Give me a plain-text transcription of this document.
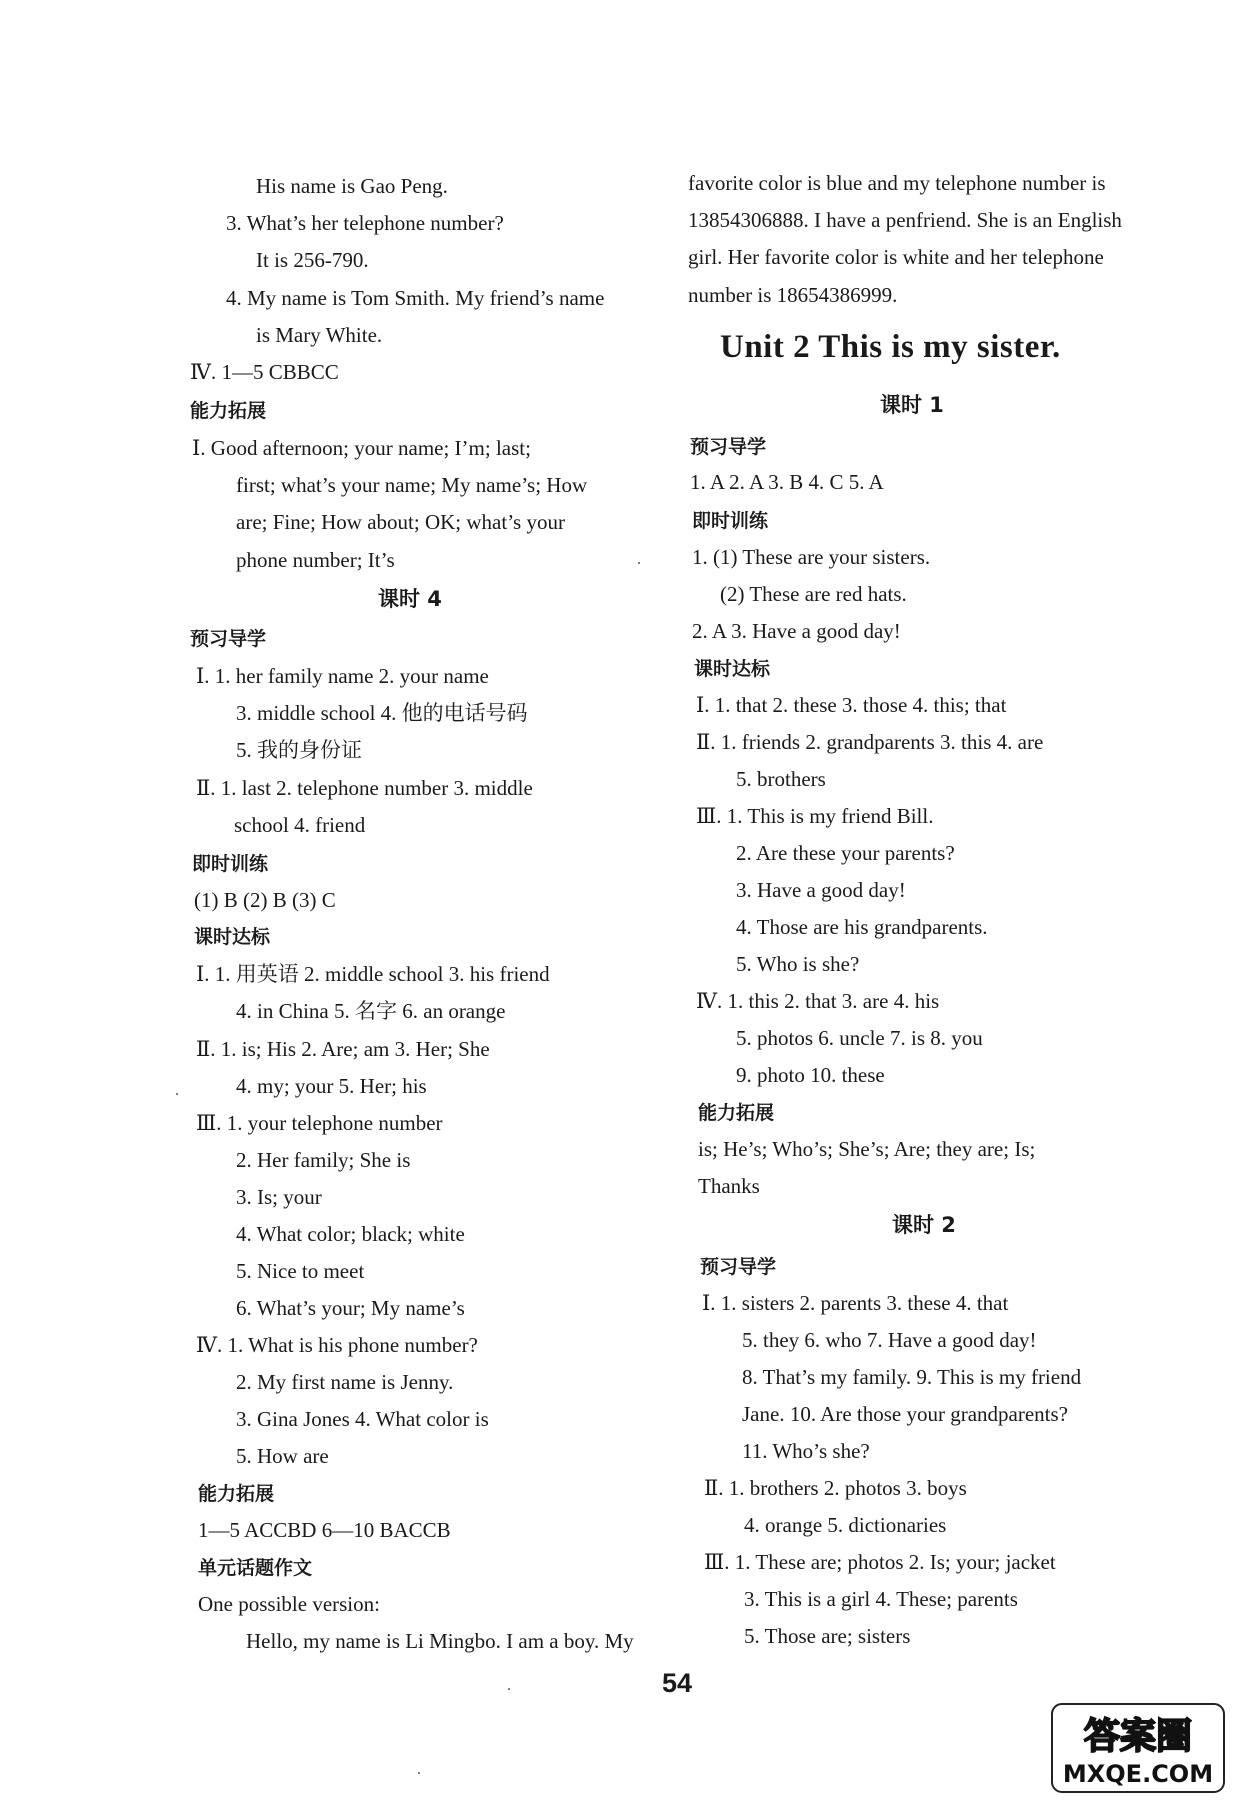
His name is Gao Peng.
3. What’s her telephone number?
It is 256-790.
4. My name is Tom Smith. My friend’s name
is Mary White.
Ⅳ. 1—5 CBBCC
能力拓展
Ⅰ. Good afternoon; your name; I’m; last;
first; what’s your name; My name’s; How
are; Fine; How about; OK; what’s your
phone number; It’s
课时 4
预习导学
Ⅰ. 1. her family name 2. your name
3. middle school 4. 他的电话号码
5. 我的身份证
Ⅱ. 1. last 2. telephone number 3. middle
school 4. friend
即时训练
(1) B (2) B (3) C
课时达标
Ⅰ. 1. 用英语 2. middle school 3. his friend
4. in China 5. 名字 6. an orange
Ⅱ. 1. is; His 2. Are; am 3. Her; She
4. my; your 5. Her; his
Ⅲ. 1. your telephone number
2. Her family; She is
3. Is; your
4. What color; black; white
5. Nice to meet
6. What’s your; My name’s
Ⅳ. 1. What is his phone number?
2. My first name is Jenny.
3. Gina Jones 4. What color is
5. How are
能力拓展
1—5 ACCBD 6—10 BACCB
单元话题作文
One possible version:
Hello, my name is Li Mingbo. I am a boy. My
favorite color is blue and my telephone number is
13854306888. I have a penfriend. She is an English
girl. Her favorite color is white and her telephone
number is 18654386999.
Unit 2 This is my sister.
课时 1
预习导学
1. A 2. A 3. B 4. C 5. A
即时训练
1. (1) These are your sisters.
(2) These are red hats.
2. A 3. Have a good day!
课时达标
Ⅰ. 1. that 2. these 3. those 4. this; that
Ⅱ. 1. friends 2. grandparents 3. this 4. are
5. brothers
Ⅲ. 1. This is my friend Bill.
2. Are these your parents?
3. Have a good day!
4. Those are his grandparents.
5. Who is she?
Ⅳ. 1. this 2. that 3. are 4. his
5. photos 6. uncle 7. is 8. you
9. photo 10. these
能力拓展
is; He’s; Who’s; She’s; Are; they are; Is;
Thanks
课时 2
预习导学
Ⅰ. 1. sisters 2. parents 3. these 4. that
5. they 6. who 7. Have a good day!
8. That’s my family. 9. This is my friend
Jane. 10. Are those your grandparents?
11. Who’s she?
Ⅱ. 1. brothers 2. photos 3. boys
4. orange 5. dictionaries
Ⅲ. 1. These are; photos 2. Is; your; jacket
3. This is a girl 4. These; parents
5. Those are; sisters
54
答案圈
MXQE.COM
